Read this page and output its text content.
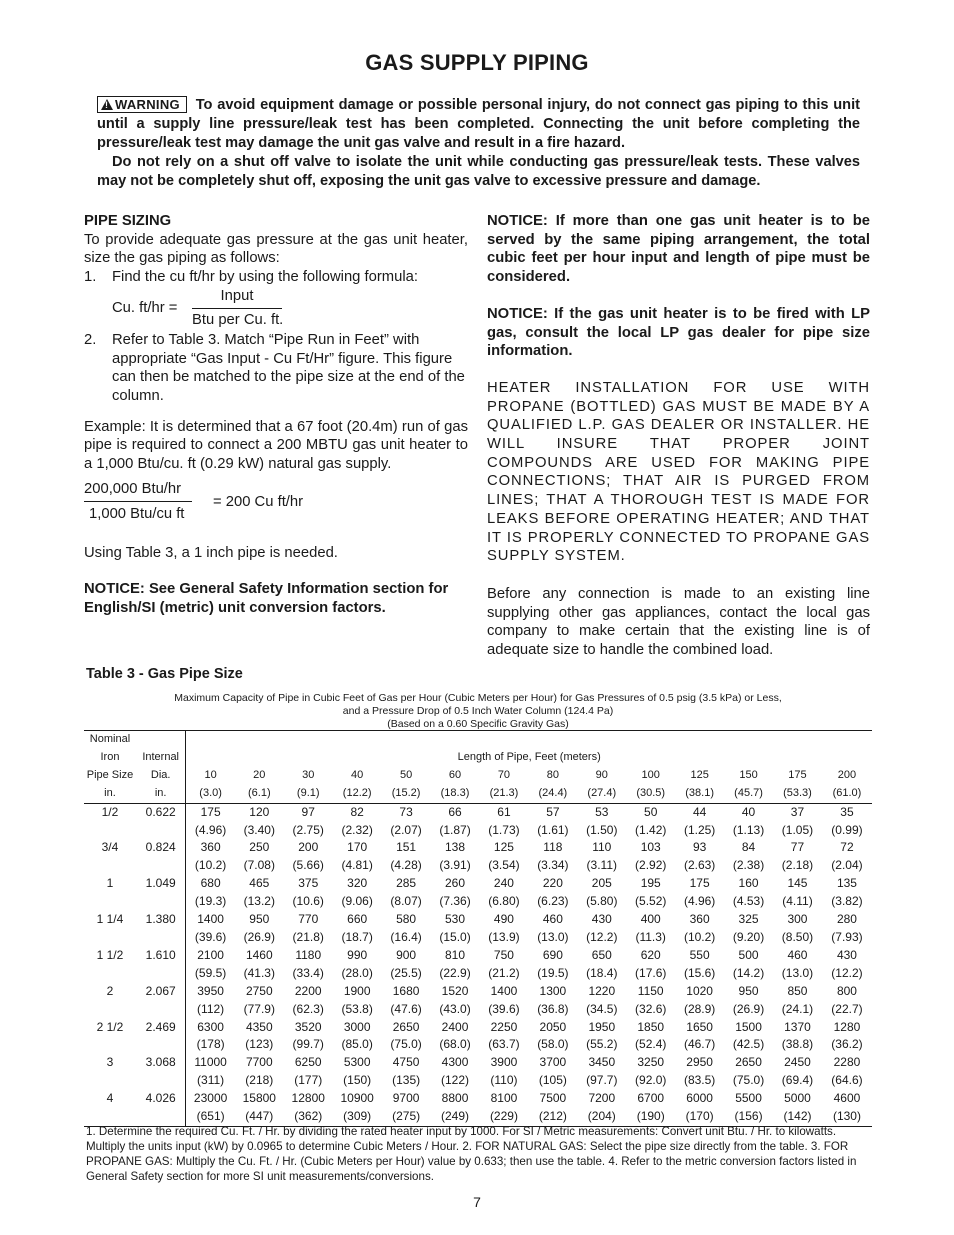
GAS SUPPLY PIPING

!WARNING To avoid equipment damage or possible personal injury, do not connect gas piping to this unit until a supply line pressure/leak test has been completed. Connecting the unit before completing the pressure/leak test may damage the unit gas valve and result in a fire hazard.

Do not rely on a shut off valve to isolate the unit while conducting gas pressure/leak tests. These valves may not be completely shut off, exposing the unit gas valve to excessive pressure and damage.

PIPE SIZING

To provide adequate gas pressure at the gas unit heater, size the gas piping as follows:

1.	Find the cu ft/hr by using the following formula:
Cu. ft/hr =
Input
Btu per Cu. ft.
2.	Refer to Table 3. Match “Pipe Run in Feet” with appropriate “Gas Input - Cu Ft/Hr” figure. This figure can then be matched to the pipe size at the end of the column.

Example: It is determined that a 67 foot (20.4m) run of gas pipe is required to connect a 200 MBTU gas unit heater to a 1,000 Btu/cu. ft (0.29 kW) natural gas supply.

200,000 Btu/hr
1,000 Btu/cu ft
= 200 Cu ft/hr

Using Table 3, a 1 inch pipe is needed.

NOTICE: See General Safety Information section for English/SI (metric) unit conversion factors.

NOTICE: If more than one gas unit heater is to be served by the same piping arrangement, the total cubic feet per hour input and length of pipe must be considered.

NOTICE: If the gas unit heater is to be fired with LP gas, consult the local LP gas dealer for pipe size information.

HEATER INSTALLATION FOR USE WITH PROPANE (BOTTLED) GAS MUST BE MADE BY A QUALIFIED L.P. GAS DEALER OR INSTALLER. HE WILL INSURE THAT PROPER JOINT COMPOUNDS ARE USED FOR MAKING PIPE CONNECTIONS; THAT AIR IS PURGED FROM LINES; THAT A THOROUGH TEST IS MADE FOR LEAKS BEFORE OPERATING HEATER; AND THAT IT IS PROPERLY CONNECTED TO PROPANE GAS SUPPLY SYSTEM.

Before any connection is made to an existing line supplying other gas appliances, contact the local gas company to make certain that the existing line is of adequate size to handle the combined load.

Table 3 - Gas Pipe Size
Maximum Capacity of Pipe in Cubic Feet of Gas per Hour (Cubic Meters per Hour) for Gas Pressures of 0.5 psig (3.5 kPa) or Less,
and a Pressure Drop of 0.5 Inch Water Column (124.4 Pa)
(Based on a 0.60 Specific Gravity Gas)
Nominal															
Iron	Internal	Length of Pipe, Feet (meters)													
Pipe Size	Dia.	10	20	30	40	50	60	70	80	90	100	125	150	175	200
in.	in.	(3.0)	(6.1)	(9.1)	(12.2)	(15.2)	(18.3)	(21.3)	(24.4)	(27.4)	(30.5)	(38.1)	(45.7)	(53.3)	(61.0)
1/2	0.622	175	120	97	82	73	66	61	57	53	50	44	40	37	35
		(4.96)	(3.40)	(2.75)	(2.32)	(2.07)	(1.87)	(1.73)	(1.61)	(1.50)	(1.42)	(1.25)	(1.13)	(1.05)	(0.99)
3/4	0.824	360	250	200	170	151	138	125	118	110	103	93	84	77	72
		(10.2)	(7.08)	(5.66)	(4.81)	(4.28)	(3.91)	(3.54)	(3.34)	(3.11)	(2.92)	(2.63)	(2.38)	(2.18)	(2.04)
1	1.049	680	465	375	320	285	260	240	220	205	195	175	160	145	135
		(19.3)	(13.2)	(10.6)	(9.06)	(8.07)	(7.36)	(6.80)	(6.23)	(5.80)	(5.52)	(4.96)	(4.53)	(4.11)	(3.82)
1 1/4	1.380	1400	950	770	660	580	530	490	460	430	400	360	325	300	280
		(39.6)	(26.9)	(21.8)	(18.7)	(16.4)	(15.0)	(13.9)	(13.0)	(12.2)	(11.3)	(10.2)	(9.20)	(8.50)	(7.93)
1 1/2	1.610	2100	1460	1180	990	900	810	750	690	650	620	550	500	460	430
		(59.5)	(41.3)	(33.4)	(28.0)	(25.5)	(22.9)	(21.2)	(19.5)	(18.4)	(17.6)	(15.6)	(14.2)	(13.0)	(12.2)
2	2.067	3950	2750	2200	1900	1680	1520	1400	1300	1220	1150	1020	950	850	800
		(112)	(77.9)	(62.3)	(53.8)	(47.6)	(43.0)	(39.6)	(36.8)	(34.5)	(32.6)	(28.9)	(26.9)	(24.1)	(22.7)
2 1/2	2.469	6300	4350	3520	3000	2650	2400	2250	2050	1950	1850	1650	1500	1370	1280
		(178)	(123)	(99.7)	(85.0)	(75.0)	(68.0)	(63.7)	(58.0)	(55.2)	(52.4)	(46.7)	(42.5)	(38.8)	(36.2)
3	3.068	11000	7700	6250	5300	4750	4300	3900	3700	3450	3250	2950	2650	2450	2280
		(311)	(218)	(177)	(150)	(135)	(122)	(110)	(105)	(97.7)	(92.0)	(83.5)	(75.0)	(69.4)	(64.6)
4	4.026	23000	15800	12800	10900	9700	8800	8100	7500	7200	6700	6000	5500	5000	4600
		(651)	(447)	(362)	(309)	(275)	(249)	(229)	(212)	(204)	(190)	(170)	(156)	(142)	(130)
1. Determine the required Cu. Ft. / Hr. by dividing the rated heater input by 1000. For SI / Metric measurements: Convert unit Btu. / Hr. to kilowatts. Multiply the units input (kW) by 0.0965 to determine Cubic Meters / Hour. 2. FOR NATURAL GAS: Select the pipe size directly from the table. 3. FOR PROPANE GAS: Multiply the Cu. Ft. / Hr. (Cubic Meters per Hour) value by 0.633; then use the table. 4. Refer to the metric conversion factors listed in General Safety section for more SI unit measurements/conversions.
7
